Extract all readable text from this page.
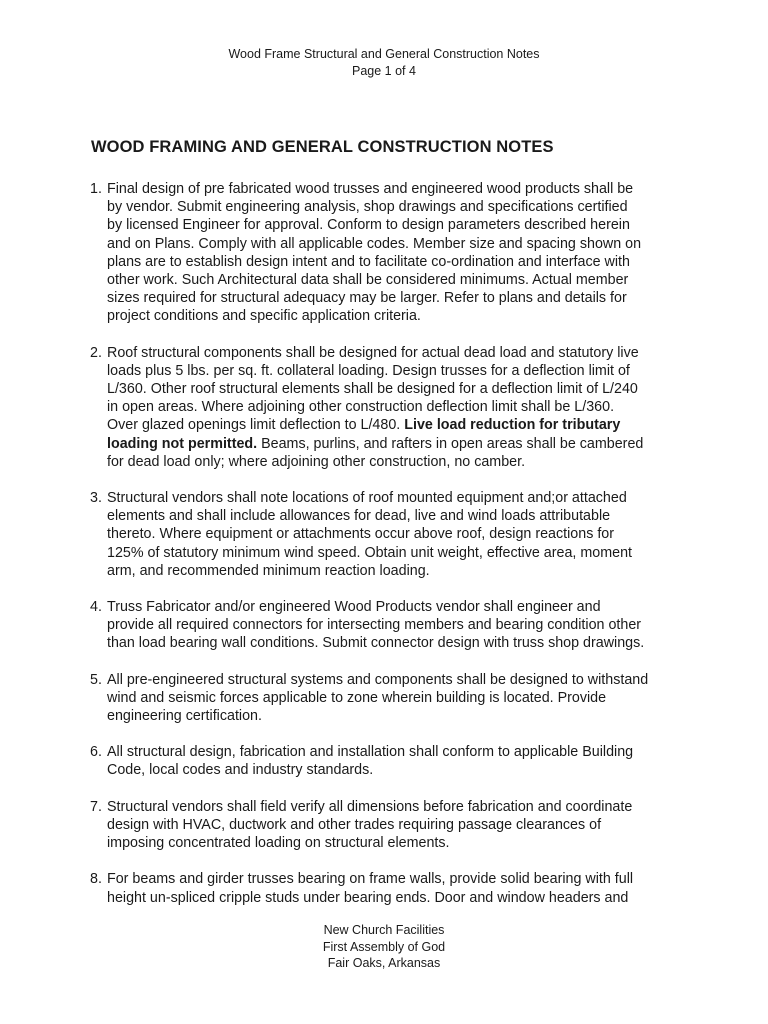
Wood Frame Structural and General Construction Notes
Page 1 of 4
WOOD FRAMING AND GENERAL CONSTRUCTION NOTES
1. Final design of pre fabricated wood trusses and engineered wood products shall be
by vendor. Submit engineering analysis, shop drawings and specifications certified
by licensed Engineer for approval. Conform to design parameters described herein
and on Plans. Comply with all applicable codes. Member size and spacing shown on
plans are to establish design intent and to facilitate co-ordination and interface with
other work. Such Architectural data shall be considered minimums. Actual member
sizes required for structural adequacy may be larger. Refer to plans and details for
project conditions and specific application criteria.
2. Roof structural components shall be designed for actual dead load and statutory live
loads plus 5 lbs. per sq. ft. collateral loading. Design trusses for a deflection limit of
L/360. Other roof structural elements shall be designed for a deflection limit of L/240
in open areas. Where adjoining other construction deflection limit shall be L/360.
Over glazed openings limit deflection to L/480. Live load reduction for tributary
loading not permitted. Beams, purlins, and rafters in open areas shall be cambered
for dead load only; where adjoining other construction, no camber.
3. Structural vendors shall note locations of roof mounted equipment and;or attached
elements and shall include allowances for dead, live and wind loads attributable
thereto. Where equipment or attachments occur above roof, design reactions for
125% of statutory minimum wind speed. Obtain unit weight, effective area, moment
arm, and recommended minimum reaction loading.
4. Truss Fabricator and/or engineered Wood Products vendor shall engineer and
provide all required connectors for intersecting members and bearing condition other
than load bearing wall conditions. Submit connector design with truss shop drawings.
5. All pre-engineered structural systems and components shall be designed to withstand
wind and seismic forces applicable to zone wherein building is located. Provide
engineering certification.
6. All structural design, fabrication and installation shall conform to applicable Building
Code, local codes and industry standards.
7. Structural vendors shall field verify all dimensions before fabrication and coordinate
design with HVAC, ductwork and other trades requiring passage clearances of
imposing concentrated loading on structural elements.
8. For beams and girder trusses bearing on frame walls, provide solid bearing with full
height un-spliced cripple studs under bearing ends. Door and window headers and
New Church Facilities
First Assembly of God
Fair Oaks, Arkansas
